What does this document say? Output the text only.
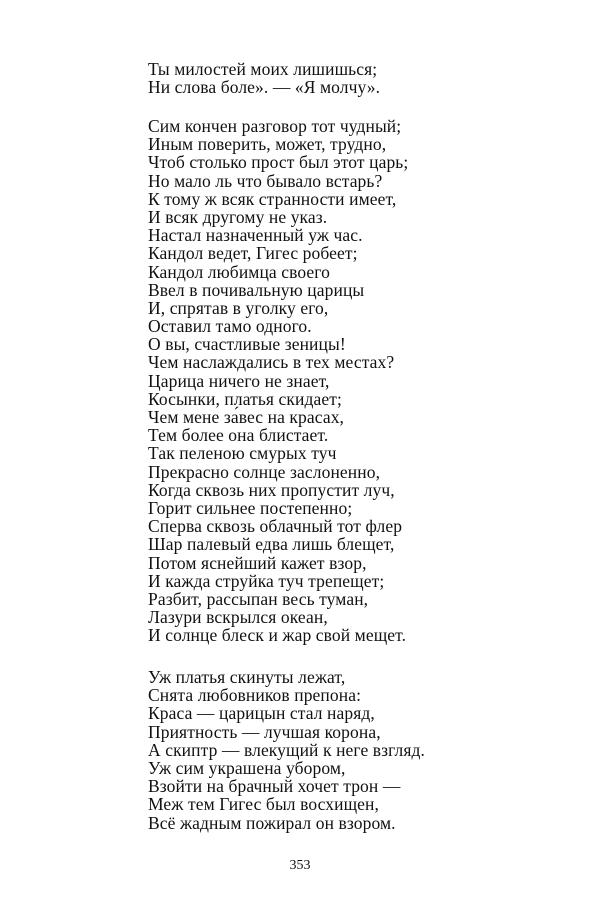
Ты милостей моих лишишься;
Ни слова боле». — «Я молчу».
Сим кончен разговор тот чудный;
Иным поверить, может, трудно,
Чтоб столько прост был этот царь;
Но мало ль что бывало встарь?
К тому ж всяк странности имеет,
И всяк другому не указ.
Настал назначенный уж час.
Кандол ведет, Гигес робеет;
Кандол любимца своего
Ввел в почивальную царицы
И, спрятав в уголку его,
Оставил тамо одного.
О вы, счастливые зеницы!
Чем наслаждались в тех местах?
Царица ничего не знает,
Косынки, платья скидает;
Чем мене за́вес на красах,
Тем более она блистает.
Так пеленою смурых туч
Прекрасно солнце заслоненно,
Когда сквозь них пропустит луч,
Горит сильнее постепенно;
Сперва сквозь облачный тот флер
Шар палевый едва лишь блещет,
Потом яснейший кажет взор,
И каждa струйка туч трепещет;
Разбит, рассыпан весь туман,
Лазури вскрылся океан,
И солнце блеск и жар свой мещет.
Уж платья скинуты лежат,
Снята любовников препона:
Краса — царицын стал наряд,
Приятность — лучшая корона,
А скиптр — влекущий к неге взгляд.
Уж сим украшена убором,
Взойти на брачный хочет трон —
Меж тем Гигес был восхищен,
Всё жадным пожирал он взором.
353
